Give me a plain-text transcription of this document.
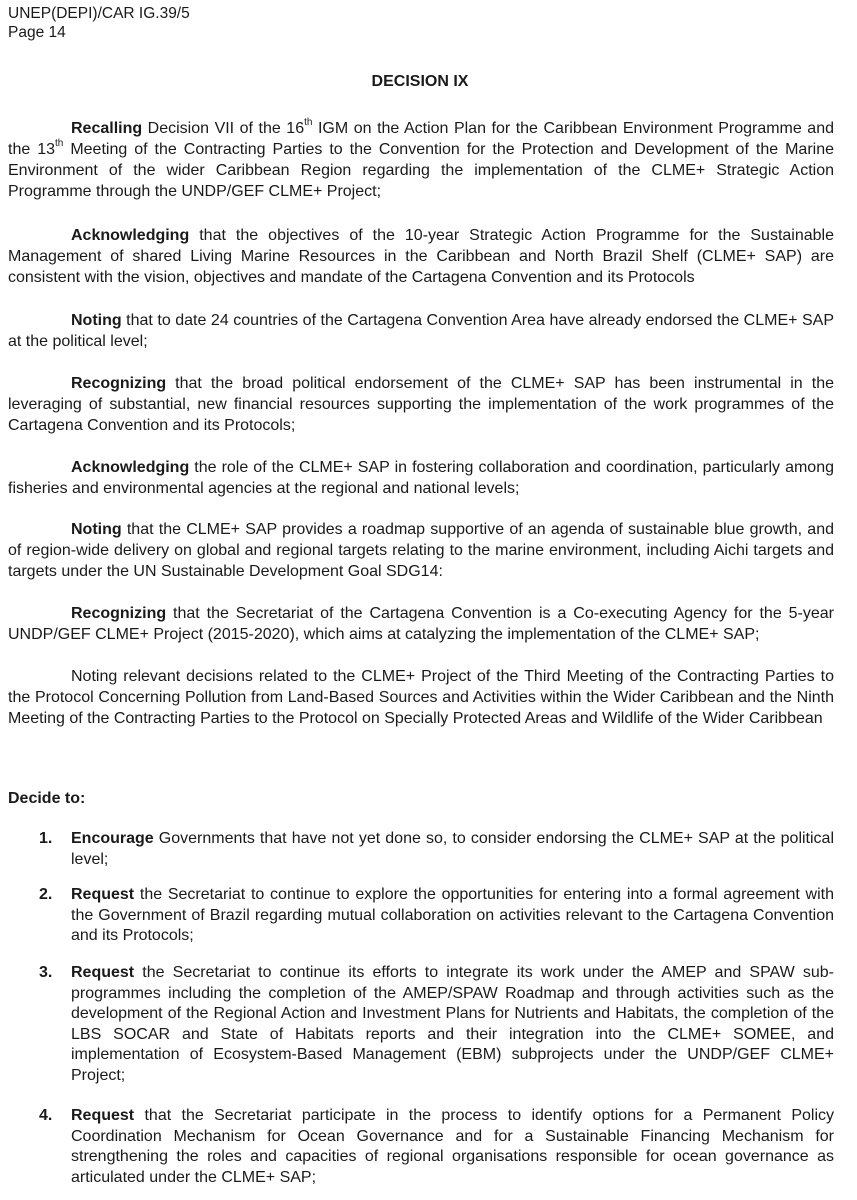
UNEP(DEPI)/CAR IG.39/5
Page 14
DECISION IX

Recalling Decision VII of the 16th IGM on the Action Plan for the Caribbean Environment Programme and the 13th Meeting of the Contracting Parties to the Convention for the Protection and Development of the Marine Environment of the wider Caribbean Region regarding the implementation of the CLME+ Strategic Action Programme through the UNDP/GEF CLME+ Project;

Acknowledging that the objectives of the 10-year Strategic Action Programme for the Sustainable Management of shared Living Marine Resources in the Caribbean and North Brazil Shelf (CLME+ SAP) are consistent with the vision, objectives and mandate of the Cartagena Convention and its Protocols

Noting that to date 24 countries of the Cartagena Convention Area have already endorsed the CLME+ SAP at the political level;

Recognizing that the broad political endorsement of the CLME+ SAP has been instrumental in the leveraging of substantial, new financial resources supporting the implementation of the work programmes of the Cartagena Convention and its Protocols;

Acknowledging the role of the CLME+ SAP in fostering collaboration and coordination, particularly among fisheries and environmental agencies at the regional and national levels;

Noting that the CLME+ SAP provides a roadmap supportive of an agenda of sustainable blue growth, and of region-wide delivery on global and regional targets relating to the marine environment, including Aichi targets and targets under the UN Sustainable Development Goal SDG14:

Recognizing that the Secretariat of the Cartagena Convention is a Co-executing Agency for the 5-year UNDP/GEF CLME+ Project (2015-2020), which aims at catalyzing the implementation of the CLME+ SAP;

Noting relevant decisions related to the CLME+ Project of the Third Meeting of the Contracting Parties to the Protocol Concerning Pollution from Land-Based Sources and Activities within the Wider Caribbean and the Ninth Meeting of the Contracting Parties to the Protocol on Specially Protected Areas and Wildlife of the Wider Caribbean

Decide to:
1. Encourage Governments that have not yet done so, to consider endorsing the CLME+ SAP at the political level;
2. Request the Secretariat to continue to explore the opportunities for entering into a formal agreement with the Government of Brazil regarding mutual collaboration on activities relevant to the Cartagena Convention and its Protocols;
3. Request the Secretariat to continue its efforts to integrate its work under the AMEP and SPAW sub-programmes including the completion of the AMEP/SPAW Roadmap and through activities such as the development of the Regional Action and Investment Plans for Nutrients and Habitats, the completion of the LBS SOCAR and State of Habitats reports and their integration into the CLME+ SOMEE, and implementation of Ecosystem-Based Management (EBM) subprojects under the UNDP/GEF CLME+ Project;
4. Request that the Secretariat participate in the process to identify options for a Permanent Policy Coordination Mechanism for Ocean Governance and for a Sustainable Financing Mechanism for strengthening the roles and capacities of regional organisations responsible for ocean governance as articulated under the CLME+ SAP;
